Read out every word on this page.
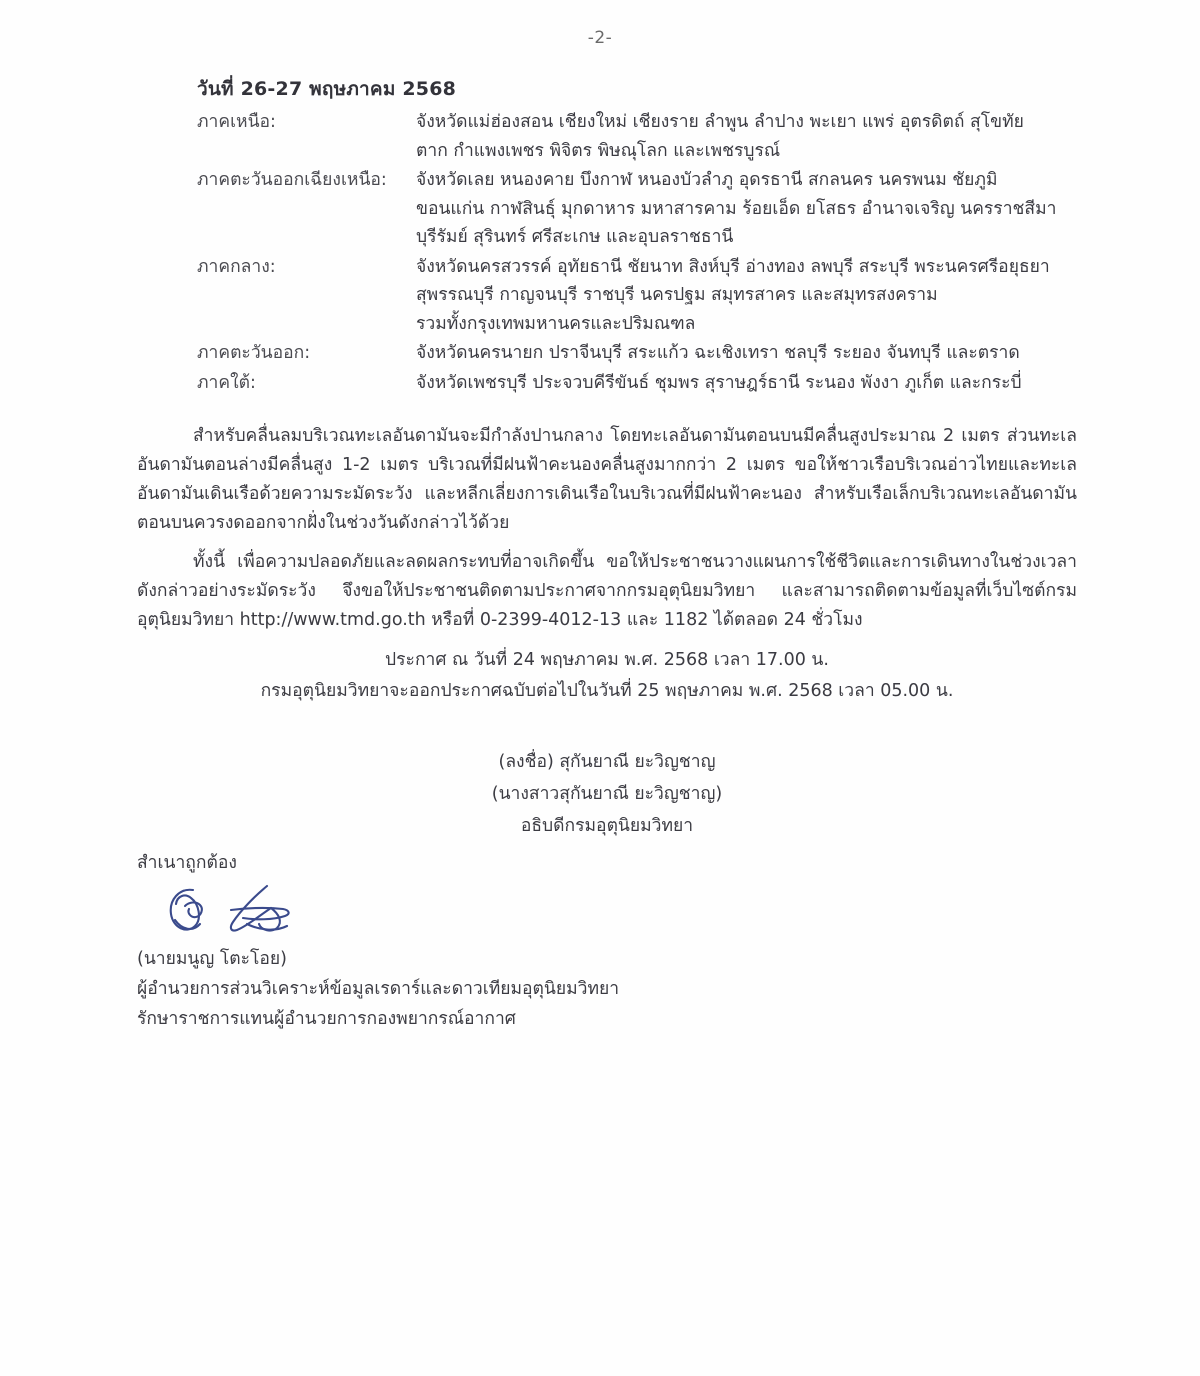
-2-
วันที่ 26-27 พฤษภาคม 2568
ภาคเหนือ:	จังหวัดแม่ฮ่องสอน เชียงใหม่ เชียงราย ลำพูน ลำปาง พะเยา แพร่ อุตรดิตถ์ สุโขทัย
ตาก กำแพงเพชร พิจิตร พิษณุโลก และเพชรบูรณ์
ภาคตะวันออกเฉียงเหนือ:	จังหวัดเลย หนองคาย บึงกาฬ หนองบัวลำภู อุดรธานี สกลนคร นครพนม ชัยภูมิ
ขอนแก่น กาฬสินธุ์ มุกดาหาร มหาสารคาม ร้อยเอ็ด ยโสธร อำนาจเจริญ นครราชสีมา
บุรีรัมย์ สุรินทร์ ศรีสะเกษ และอุบลราชธานี
ภาคกลาง:	จังหวัดนครสวรรค์ อุทัยธานี ชัยนาท สิงห์บุรี อ่างทอง ลพบุรี สระบุรี พระนครศรีอยุธยา
สุพรรณบุรี กาญจนบุรี ราชบุรี นครปฐม สมุทรสาคร และสมุทรสงคราม
รวมทั้งกรุงเทพมหานครและปริมณฑล
ภาคตะวันออก:	จังหวัดนครนายก ปราจีนบุรี สระแก้ว ฉะเชิงเทรา ชลบุรี ระยอง จันทบุรี และตราด
ภาคใต้:	จังหวัดเพชรบุรี ประจวบคีรีขันธ์ ชุมพร สุราษฎร์ธานี ระนอง พังงา ภูเก็ต และกระบี่

สำหรับคลื่นลมบริเวณทะเลอันดามันจะมีกำลังปานกลาง โดยทะเลอันดามันตอนบนมีคลื่นสูงประมาณ 2 เมตร ส่วนทะเลอันดามันตอนล่างมีคลื่นสูง 1-2 เมตร บริเวณที่มีฝนฟ้าคะนองคลื่นสูงมากกว่า 2 เมตร ขอให้ชาวเรือบริเวณอ่าวไทยและทะเลอันดามันเดินเรือด้วยความระมัดระวัง และหลีกเลี่ยงการเดินเรือในบริเวณที่มีฝนฟ้าคะนอง สำหรับเรือเล็กบริเวณทะเลอันดามันตอนบนควรงดออกจากฝั่งในช่วงวันดังกล่าวไว้ด้วย

ทั้งนี้ เพื่อความปลอดภัยและลดผลกระทบที่อาจเกิดขึ้น ขอให้ประชาชนวางแผนการใช้ชีวิตและการเดินทางในช่วงเวลาดังกล่าวอย่างระมัดระวัง จึงขอให้ประชาชนติดตามประกาศจากกรมอุตุนิยมวิทยา และสามารถติดตามข้อมูลที่เว็บไซต์กรมอุตุนิยมวิทยา http://www.tmd.go.th หรือที่ 0-2399-4012-13 และ 1182 ได้ตลอด 24 ชั่วโมง

ประกาศ ณ วันที่ 24 พฤษภาคม พ.ศ. 2568 เวลา 17.00 น.
กรมอุตุนิยมวิทยาจะออกประกาศฉบับต่อไปในวันที่ 25 พฤษภาคม พ.ศ. 2568 เวลา 05.00 น.
(ลงชื่อ) สุกันยาณี ยะวิญชาญ
(นางสาวสุกันยาณี ยะวิญชาญ)
อธิบดีกรมอุตุนิยมวิทยา
สำเนาถูกต้อง
(นายมนูญ โตะโอย)
ผู้อำนวยการส่วนวิเคราะห์ข้อมูลเรดาร์และดาวเทียมอุตุนิยมวิทยา
รักษาราชการแทนผู้อำนวยการกองพยากรณ์อากาศ
